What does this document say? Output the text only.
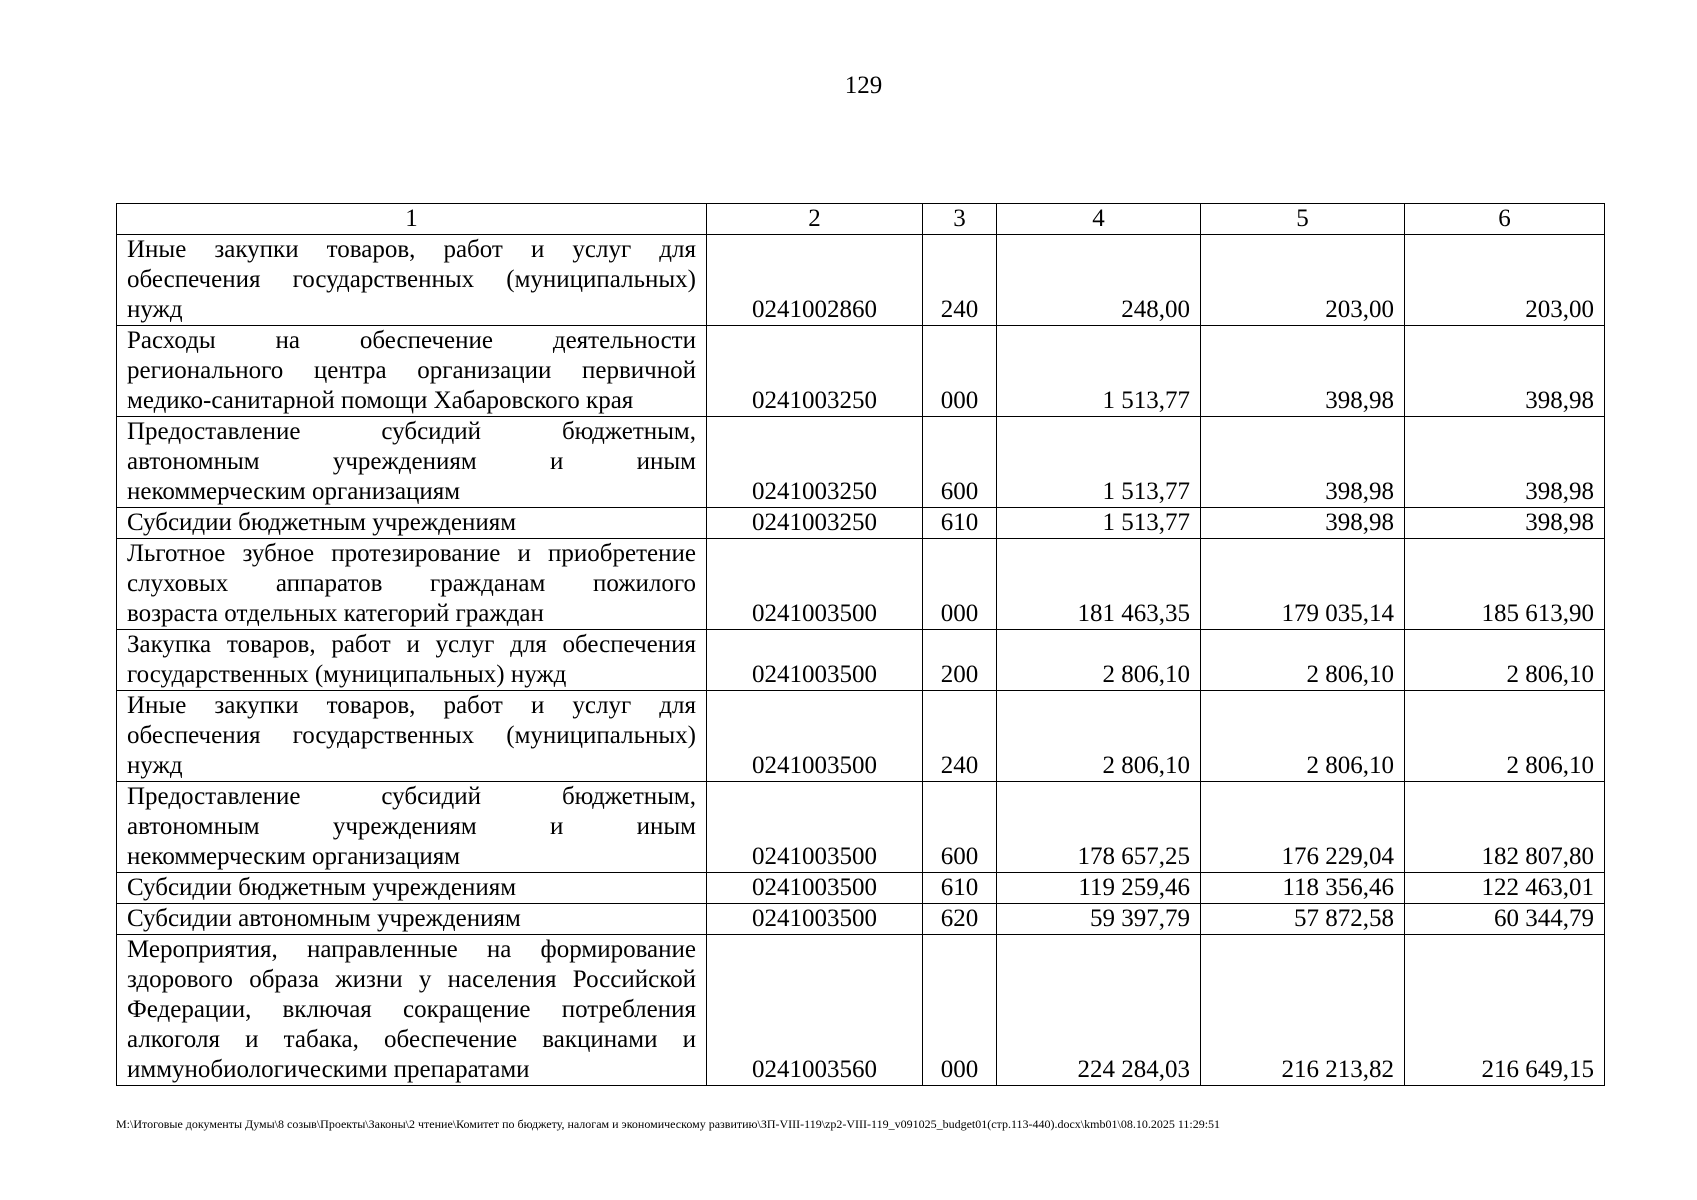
129
1	2	3	4	5	6

Иные закупки товаров, работ и услуг для
обеспечения государственных (муниципальных)
нужд	0241002860	240	248,00	203,00	203,00

Расходы на обеспечение деятельности
регионального центра организации первичной
медико-санитарной помощи Хабаровского края	0241003250	000	1 513,77	398,98	398,98

Предоставление субсидий бюджетным,
автономным учреждениям и иным
некоммерческим организациям	0241003250	600	1 513,77	398,98	398,98

Субсидии бюджетным учреждениям	0241003250	610	1 513,77	398,98	398,98

Льготное зубное протезирование и приобретение
слуховых аппаратов гражданам пожилого
возраста отдельных категорий граждан	0241003500	000	181 463,35	179 035,14	185 613,90

Закупка товаров, работ и услуг для обеспечения
государственных (муниципальных) нужд	0241003500	200	2 806,10	2 806,10	2 806,10

Иные закупки товаров, работ и услуг для
обеспечения государственных (муниципальных)
нужд	0241003500	240	2 806,10	2 806,10	2 806,10

Предоставление субсидий бюджетным,
автономным учреждениям и иным
некоммерческим организациям	0241003500	600	178 657,25	176 229,04	182 807,80

Субсидии бюджетным учреждениям	0241003500	610	119 259,46	118 356,46	122 463,01

Субсидии автономным учреждениям	0241003500	620	59 397,79	57 872,58	60 344,79

Мероприятия, направленные на формирование
здорового образа жизни у населения Российской
Федерации, включая сокращение потребления
алкоголя и табака, обеспечение вакцинами и
иммунобиологическими препаратами	0241003560	000	224 284,03	216 213,82	216 649,15
M:\Итоговые документы Думы\8 созыв\Проекты\Законы\2 чтение\Комитет по бюджету, налогам и экономическому развитию\ЗП-VIII-119\zp2-VIII-119_v091025_budget01(стр.113-440).docx\kmb01\08.10.2025 11:29:51
